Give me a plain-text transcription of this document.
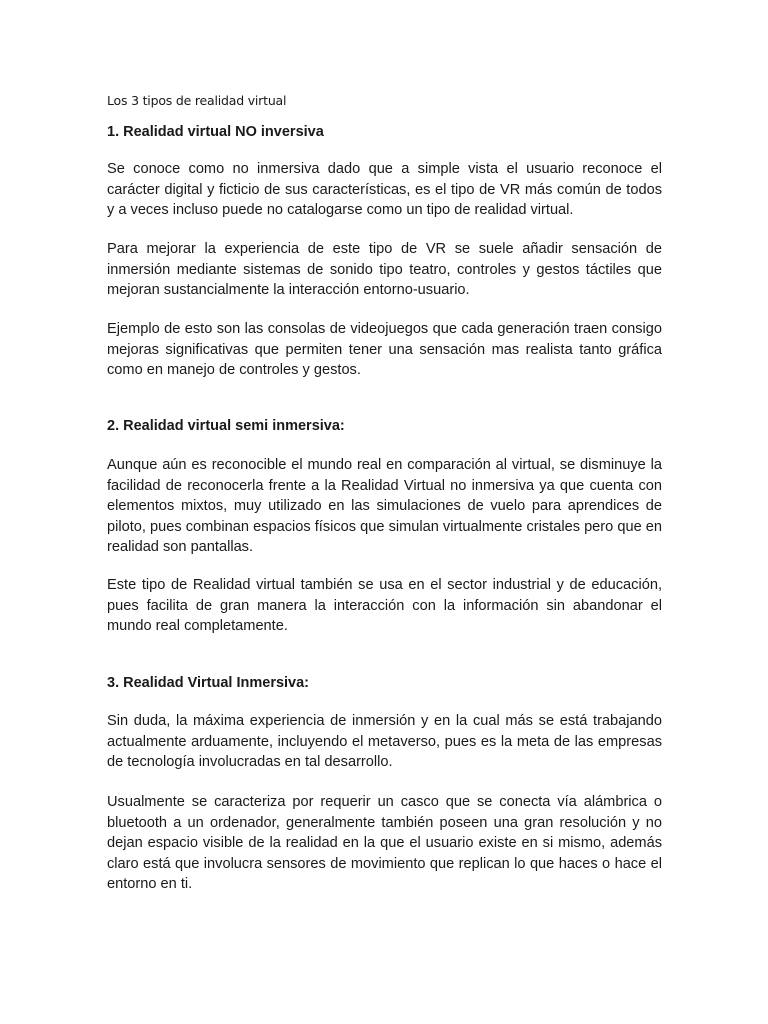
Los 3 tipos de realidad virtual
1. Realidad virtual NO inversiva

Se conoce como no inmersiva dado que a simple vista el usuario reconoce el carácter digital y ficticio de sus características, es el tipo de VR más común de todos y a veces incluso puede no catalogarse como un tipo de realidad virtual.

Para mejorar la experiencia de este tipo de VR se suele añadir sensación de inmersión mediante sistemas de sonido tipo teatro, controles y gestos táctiles que mejoran sustancialmente la interacción entorno-usuario.

Ejemplo de esto son las consolas de videojuegos que cada generación traen consigo mejoras significativas que permiten tener una sensación mas realista tanto gráfica como en manejo de controles y gestos.

2. Realidad virtual semi inmersiva:

Aunque aún es reconocible el mundo real en comparación al virtual, se disminuye la facilidad de reconocerla frente a la Realidad Virtual no inmersiva ya que cuenta con elementos mixtos, muy utilizado en las simulaciones de vuelo para aprendices de piloto, pues combinan espacios físicos que simulan virtualmente cristales pero que en realidad son pantallas.

Este tipo de Realidad virtual también se usa en el sector industrial y de educación, pues facilita de gran manera la interacción con la información sin abandonar el mundo real completamente.

3. Realidad Virtual Inmersiva:

Sin duda, la máxima experiencia de inmersión y en la cual más se está trabajando actualmente arduamente, incluyendo el metaverso, pues es la meta de las empresas de tecnología involucradas en tal desarrollo.

Usualmente se caracteriza por requerir un casco que se conecta vía alámbrica o bluetooth a un ordenador, generalmente también poseen una gran resolución y no dejan espacio visible de la realidad en la que el usuario existe en si mismo, además claro está que involucra sensores de movimiento que replican lo que haces o hace el entorno en ti.
